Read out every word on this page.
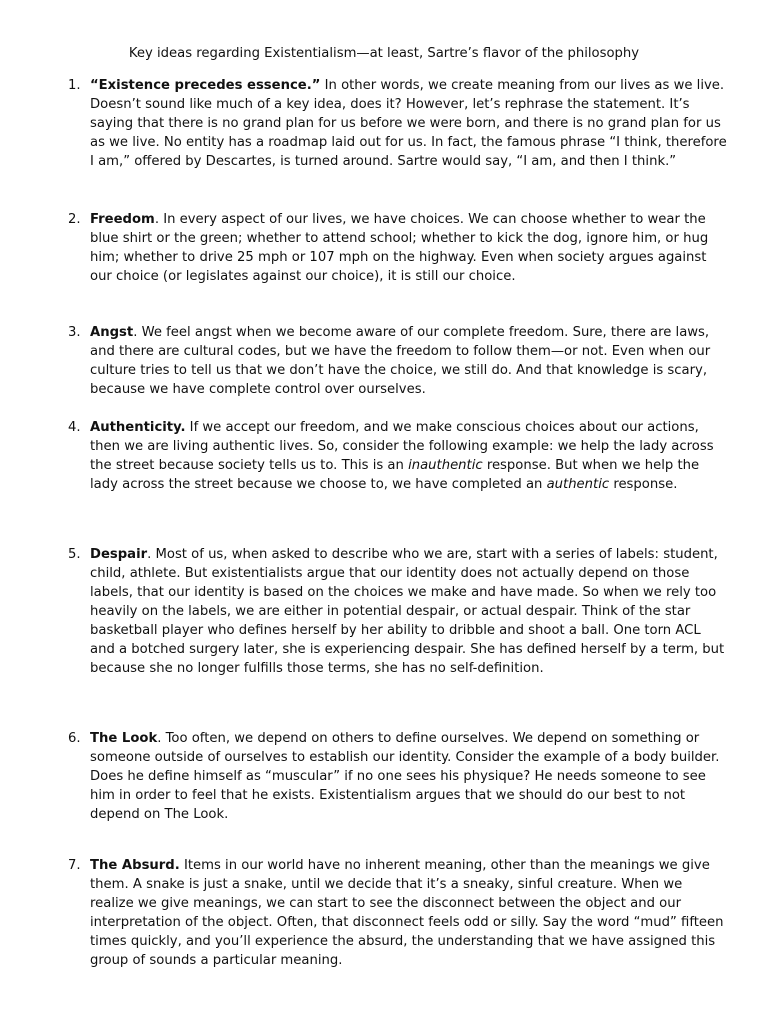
Key ideas regarding Existentialism—at least, Sartre’s flavor of the philosophy
1. “Existence precedes essence.” In other words, we create meaning from our lives as we live. Doesn’t sound like much of a key idea, does it? However, let’s rephrase the statement. It’s saying that there is no grand plan for us before we were born, and there is no grand plan for us as we live. No entity has a roadmap laid out for us. In fact, the famous phrase “I think, therefore I am,” offered by Descartes, is turned around. Sartre would say, “I am, and then I think.”
2. Freedom. In every aspect of our lives, we have choices. We can choose whether to wear the blue shirt or the green; whether to attend school; whether to kick the dog, ignore him, or hug him; whether to drive 25 mph or 107 mph on the highway. Even when society argues against our choice (or legislates against our choice), it is still our choice.
3. Angst. We feel angst when we become aware of our complete freedom. Sure, there are laws, and there are cultural codes, but we have the freedom to follow them—or not. Even when our culture tries to tell us that we don’t have the choice, we still do. And that knowledge is scary, because we have complete control over ourselves.
4. Authenticity. If we accept our freedom, and we make conscious choices about our actions, then we are living authentic lives. So, consider the following example: we help the lady across the street because society tells us to. This is an inauthentic response. But when we help the lady across the street because we choose to, we have completed an authentic response.
5. Despair. Most of us, when asked to describe who we are, start with a series of labels: student, child, athlete. But existentialists argue that our identity does not actually depend on those labels, that our identity is based on the choices we make and have made. So when we rely too heavily on the labels, we are either in potential despair, or actual despair. Think of the star basketball player who defines herself by her ability to dribble and shoot a ball. One torn ACL and a botched surgery later, she is experiencing despair. She has defined herself by a term, but because she no longer fulfills those terms, she has no self-definition.
6. The Look. Too often, we depend on others to define ourselves. We depend on something or someone outside of ourselves to establish our identity. Consider the example of a body builder. Does he define himself as “muscular” if no one sees his physique? He needs someone to see him in order to feel that he exists. Existentialism argues that we should do our best to not depend on The Look.
7. The Absurd. Items in our world have no inherent meaning, other than the meanings we give them. A snake is just a snake, until we decide that it’s a sneaky, sinful creature. When we realize we give meanings, we can start to see the disconnect between the object and our interpretation of the object. Often, that disconnect feels odd or silly. Say the word “mud” fifteen times quickly, and you’ll experience the absurd, the understanding that we have assigned this group of sounds a particular meaning.
